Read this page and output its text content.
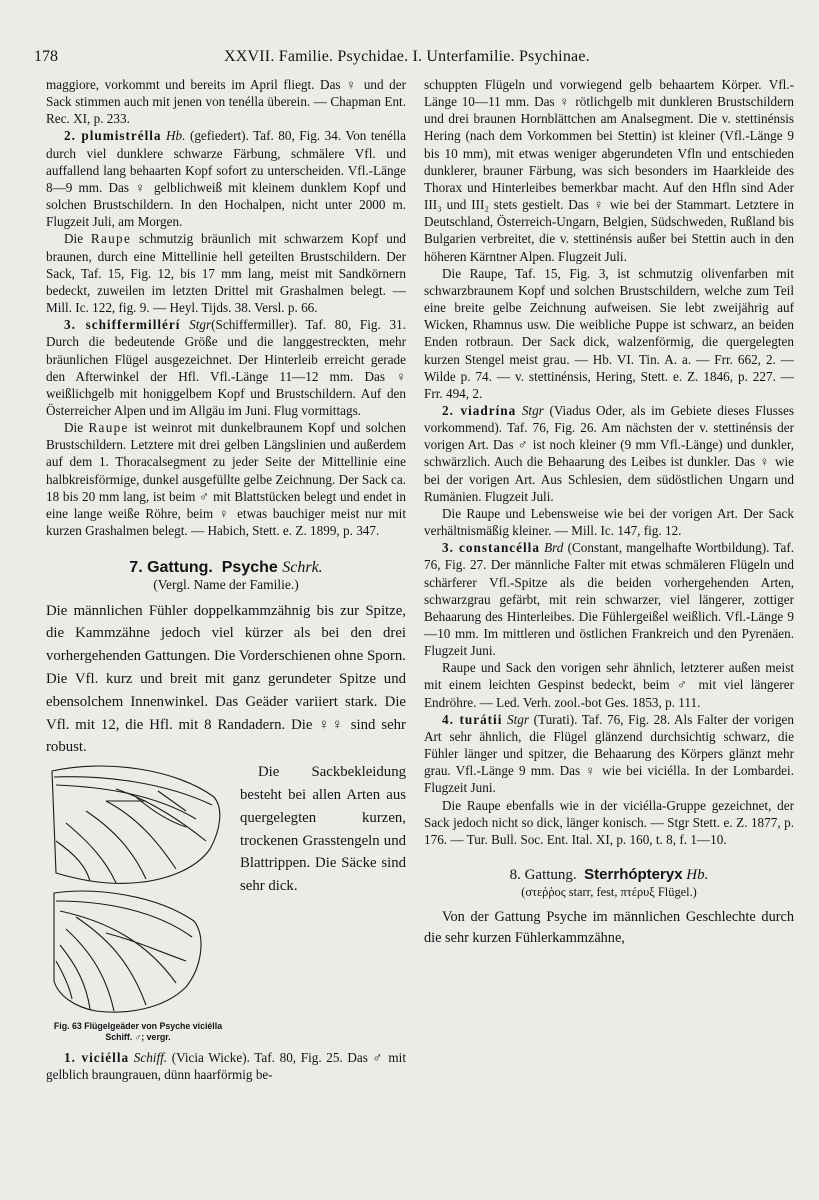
178	XXVII. Familie. Psychidae. I. Unterfamilie. Psychinae.

maggiore, vorkommt und bereits im April fliegt. Das ♀ und der Sack stimmen auch mit jenen von tenélla überein. — Chapman Ent. Rec. XI, p. 233.

2. plumistrélla Hb. (gefiedert). Taf. 80, Fig. 34. Von tenélla durch viel dunklere schwarze Färbung, schmälere Vfl. und auffallend lang behaarten Kopf sofort zu unterscheiden. Vfl.-Länge 8—9 mm. Das ♀ gelblichweiß mit kleinem dunklem Kopf und solchen Brustschildern. In den Hochalpen, nicht unter 2000 m. Flugzeit Juli, am Morgen.

Die Raupe schmutzig bräunlich mit schwarzem Kopf und braunen, durch eine Mittellinie hell geteilten Brustschildern. Der Sack, Taf. 15, Fig. 12, bis 17 mm lang, meist mit Sandkörnern bedeckt, zuweilen im letzten Drittel mit Grashalmen belegt. — Mill. Ic. 122, fig. 9. — Heyl. Tijds. 38. Versl. p. 66.

3. schiffermillérí Stgr(Schiffermiller). Taf. 80, Fig. 31. Durch die bedeutende Größe und die langgestreckten, mehr bräunlichen Flügel ausgezeichnet. Der Hinterleib erreicht gerade den Afterwinkel der Hfl. Vfl.-Länge 11—12 mm. Das ♀ weißlichgelb mit honiggelbem Kopf und Brustschildern. Auf den Österreicher Alpen und im Allgäu im Juni. Flug vormittags.

Die Raupe ist weinrot mit dunkelbraunem Kopf und solchen Brustschildern. Letztere mit drei gelben Längslinien und außerdem auf dem 1. Thoracalsegment zu jeder Seite der Mittellinie eine halbkreisförmige, dunkel ausgefüllte gelbe Zeichnung. Der Sack ca. 18 bis 20 mm lang, ist beim ♂ mit Blattstücken belegt und endet in eine lange weiße Röhre, beim ♀ etwas bauchiger meist nur mit kurzen Grashalmen belegt. — Habich, Stett. e. Z. 1899, p. 347.

7. Gattung. Psyche Schrk.

(Vergl. Name der Familie.)

Die männlichen Fühler doppelkammzähnig bis zur Spitze, die Kammzähne jedoch viel kürzer als bei den drei vorhergehenden Gattungen. Die Vorderschienen ohne Sporn. Die Vfl. kurz und breit mit ganz gerundeter Spitze und ebensolchem Innenwinkel. Das Geäder variiert stark. Die Vfl. mit 12, die Hfl. mit 8 Randadern. Die ♀♀ sind sehr robust.

Fig. 63 Flügelgeäder von Psyche viciélla Schiff. ♂; vergr.

Die Sackbekleidung besteht bei allen Arten aus quergelegten kurzen, trockenen Grasstengeln und Blattrippen. Die Säcke sind sehr dick.

1. viciélla Schiff. (Vicia Wicke). Taf. 80, Fig. 25. Das ♂ mit gelblich braungrauen, dünn haarförmig be-

schuppten Flügeln und vorwiegend gelb behaartem Körper. Vfl.-Länge 10—11 mm. Das ♀ rötlichgelb mit dunkleren Brustschildern und drei braunen Hornblättchen am Analsegment. Die v. stettinénsis Hering (nach dem Vorkommen bei Stettin) ist kleiner (Vfl.-Länge 9 bis 10 mm), mit etwas weniger abgerundeten Vfln und entschieden dunklerer, brauner Färbung, was sich besonders im Haarkleide des Thorax und Hinterleibes bemerkbar macht. Auf den Hfln sind Ader III₃ und III₂ stets gestielt. Das ♀ wie bei der Stammart. Letztere in Deutschland, Österreich-Ungarn, Belgien, Südschweden, Rußland bis Bulgarien verbreitet, die v. stettinénsis außer bei Stettin auch in den höheren Kärntner Alpen. Flugzeit Juli.

Die Raupe, Taf. 15, Fig. 3, ist schmutzig olivenfarben mit schwarzbraunem Kopf und solchen Brustschildern, welche zum Teil eine breite gelbe Zeichnung aufweisen. Sie lebt zweijährig auf Wicken, Rhamnus usw. Die weibliche Puppe ist schwarz, an beiden Enden rotbraun. Der Sack dick, walzenförmig, die quergelegten kurzen Stengel meist grau. — Hb. VI. Tin. A. a. — Frr. 662, 2. — Wilde p. 74. — v. stettinénsis, Hering, Stett. e. Z. 1846, p. 227. — Frr. 494, 2.

2. viadrína Stgr (Viadus Oder, als im Gebiete dieses Flusses vorkommend). Taf. 76, Fig. 26. Am nächsten der v. stettinénsis der vorigen Art. Das ♂ ist noch kleiner (9 mm Vfl.-Länge) und dunkler, schwärzlich. Auch die Behaarung des Leibes ist dunkler. Das ♀ wie bei der vorigen Art. Aus Schlesien, dem südöstlichen Ungarn und Rumänien. Flugzeit Juli.

Die Raupe und Lebensweise wie bei der vorigen Art. Der Sack verhältnismäßig kleiner. — Mill. Ic. 147, fig. 12.

3. constancélla Brd (Constant, mangelhafte Wortbildung). Taf. 76, Fig. 27. Der männliche Falter mit etwas schmäleren Flügeln und schärferer Vfl.-Spitze als die beiden vorhergehenden Arten, schwarzgrau gefärbt, mit rein schwarzer, viel längerer, zottiger Behaarung des Hinterleibes. Die Fühlergeißel weißlich. Vfl.-Länge 9—10 mm. Im mittleren und östlichen Frankreich und den Pyrenäen. Flugzeit Juni.

Raupe und Sack den vorigen sehr ähnlich, letzterer außen meist mit einem leichten Gespinst bedeckt, beim ♂ mit viel längerer Endröhre. — Led. Verh. zool.-bot Ges. 1853, p. 111.

4. turátii Stgr (Turati). Taf. 76, Fig. 28. Als Falter der vorigen Art sehr ähnlich, die Flügel glänzend durchsichtig schwarz, die Fühler länger und spitzer, die Behaarung des Körpers glänzt mehr grau. Vfl.-Länge 9 mm. Das ♀ wie bei viciélla. In der Lombardei. Flugzeit Juni.

Die Raupe ebenfalls wie in der viciélla-Gruppe gezeichnet, der Sack jedoch nicht so dick, länger konisch. — Stgr Stett. e. Z. 1877, p. 176. — Tur. Bull. Soc. Ent. Ital. XI, p. 160, t. 8, f. 1—10.

8. Gattung. Sterrhópteryx Hb.

(στεῤῥος starr, fest, πτέρυξ Flügel.)

Von der Gattung Psyche im männlichen Geschlechte durch die sehr kurzen Fühlerkammzähne,
